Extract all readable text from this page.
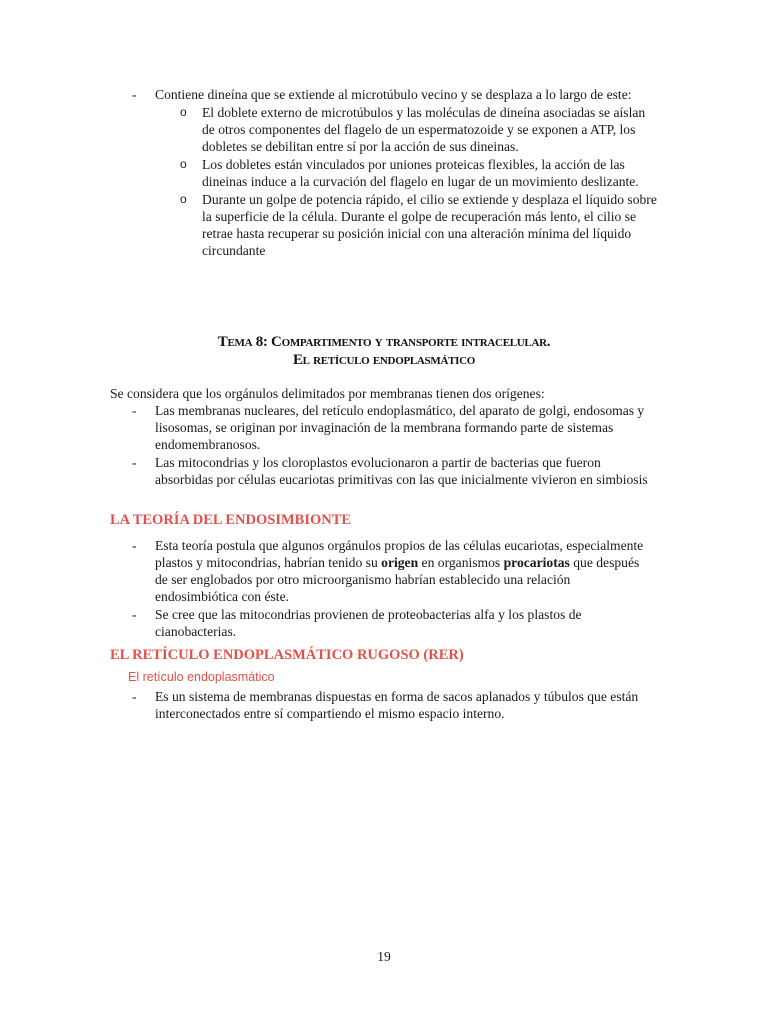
-	Contiene dineína que se extiende al microtúbulo vecino y se desplaza a lo largo de este:
o	El doblete externo de microtúbulos y las moléculas de dineína asociadas se aíslan de otros componentes del flagelo de un espermatozoide y se exponen a ATP, los dobletes se debilitan entre sí por la acción de sus dineinas.
o	Los dobletes están vinculados por uniones proteicas flexibles, la acción de las dineinas induce a la curvación del flagelo en lugar de un movimiento deslizante.
o	Durante un golpe de potencia rápido, el cilio se extiende y desplaza el líquido sobre la superficie de la célula. Durante el golpe de recuperación más lento, el cilio se retrae hasta recuperar su posición inicial con una alteración mínima del líquido circundante
Tema 8: Compartimento y transporte intracelular.
El retículo endoplasmático
Se considera que los orgánulos delimitados por membranas tienen dos orígenes:
-	Las membranas nucleares, del retículo endoplasmático, del aparato de golgi, endosomas y lisosomas, se originan por invaginación de la membrana formando parte de sistemas endomembranosos.
-	Las mitocondrias y los cloroplastos evolucionaron a partir de bacterias que fueron absorbidas por células eucariotas primitivas con las que inicialmente vivieron en simbiosis
LA TEORÍA DEL ENDOSIMBIONTE
-	Esta teoría postula que algunos orgánulos propios de las células eucariotas, especialmente plastos y mitocondrias, habrían tenido su origen en organismos procariotas que después de ser englobados por otro microorganismo habrían establecido una relación endosimbiótica con éste.
-	Se cree que las mitocondrias provienen de proteobacterias alfa y los plastos de cianobacterias.
EL RETÍCULO ENDOPLASMÁTICO RUGOSO (RER)
El retículo endoplasmático
-	Es un sistema de membranas dispuestas en forma de sacos aplanados y túbulos que están interconectados entre sí compartiendo el mismo espacio interno.
19
